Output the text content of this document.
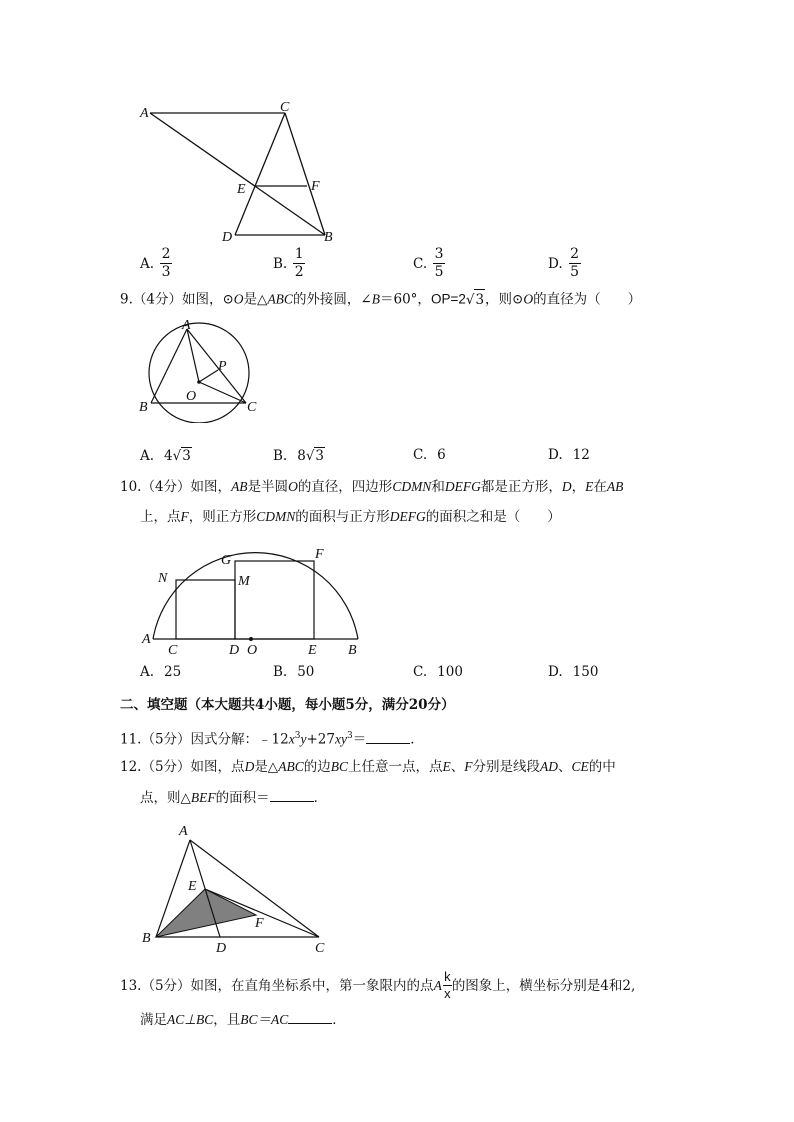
A	C
E	F
D	B
A. $\frac{2}{3}$	B. $\frac{1}{2}$	C. $\frac{3}{5}$	D. $\frac{2}{5}$
9.（4分）如图，⊙O是△ABC的外接圆，∠B＝60°，OP=2 √ 3 ，则⊙O的直径为（　　）
A
P
O
B	C
A. 4 √ 3	B. 8 √ 3	C. 6	D. 12
10.（4分）如图，AB是半圆O的直径，四边形CDMN和DEFG都是正方形，D，E在AB
上，点F，则正方形CDMN的面积与正方形DEFG的面积之和是（　　）
G	F
N	M
A
C	D O	E B
A. 25	B. 50	C. 100	D. 150
二、填空题（本大题共4小题，每小题5分，满分20分）
11.（5分）因式分解：$﹣12x^3y+27xy^3=$	．
12.（5分）如图，点D是△ABC的边BC上任意一点，点E、F分别是线段AD、CE的中
点，则△BEF的面积＝	．
A
E
F
B
D	C
13.（5分）如图，在直角坐标系中，第一象限内的点 A $\frac{k}{x}$ 的图象上，横坐标分别是4和2,
满足AC⊥BC，且BC＝AC	．
